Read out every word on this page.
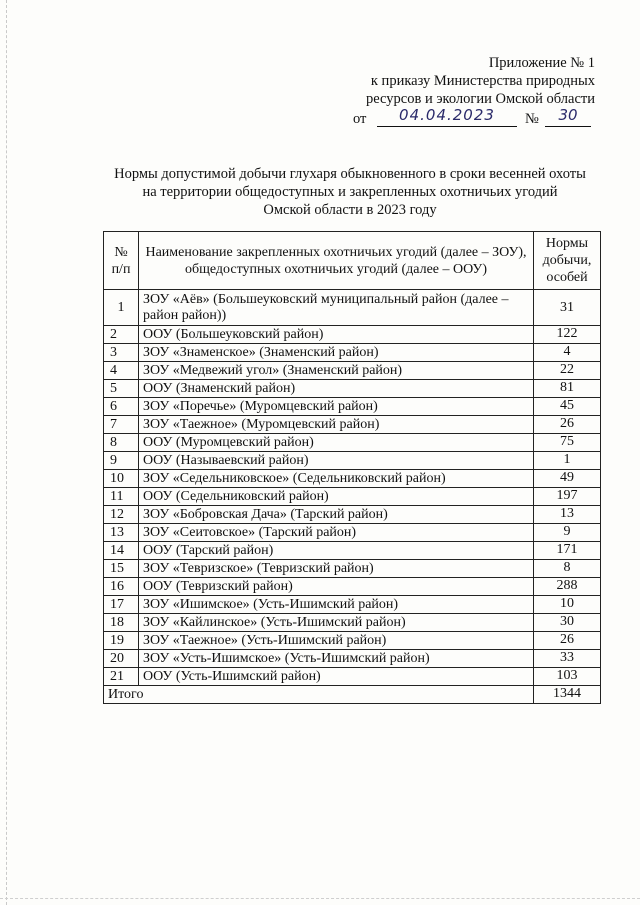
Приложение № 1
к приказу Министерства природных
ресурсов и экологии Омской области
от	04.04.2023	№	30
Нормы допустимой добычи глухаря обыкновенного в сроки весенней охоты
на территории общедоступных и закрепленных охотничьих угодий
Омской области в 2023 году
№ п/п	Наименование закрепленных охотничьих угодий (далее – ЗОУ), общедоступных охотничьих угодий (далее – ООУ)	Нормы добычи, особей
1	ЗОУ «Аёв» (Большеуковский муниципальный район (далее – район район))	31
2	ООУ (Большеуковский район)	122
3	ЗОУ «Знаменское» (Знаменский район)	4
4	ЗОУ «Медвежий угол» (Знаменский район)	22
5	ООУ (Знаменский район)	81
6	ЗОУ «Поречье» (Муромцевский район)	45
7	ЗОУ «Таежное» (Муромцевский район)	26
8	ООУ (Муромцевский район)	75
9	ООУ (Называевский район)	1
10	ЗОУ «Седельниковское» (Седельниковский район)	49
11	ООУ (Седельниковский район)	197
12	ЗОУ «Бобровская Дача» (Тарский район)	13
13	ЗОУ «Сеитовское» (Тарский район)	9
14	ООУ (Тарский район)	171
15	ЗОУ «Тевризское» (Тевризский район)	8
16	ООУ (Тевризский район)	288
17	ЗОУ «Ишимское» (Усть-Ишимский район)	10
18	ЗОУ «Кайлинское» (Усть-Ишимский район)	30
19	ЗОУ «Таежное» (Усть-Ишимский район)	26
20	ЗОУ «Усть-Ишимское» (Усть-Ишимский район)	33
21	ООУ (Усть-Ишимский район)	103
Итого		1344
